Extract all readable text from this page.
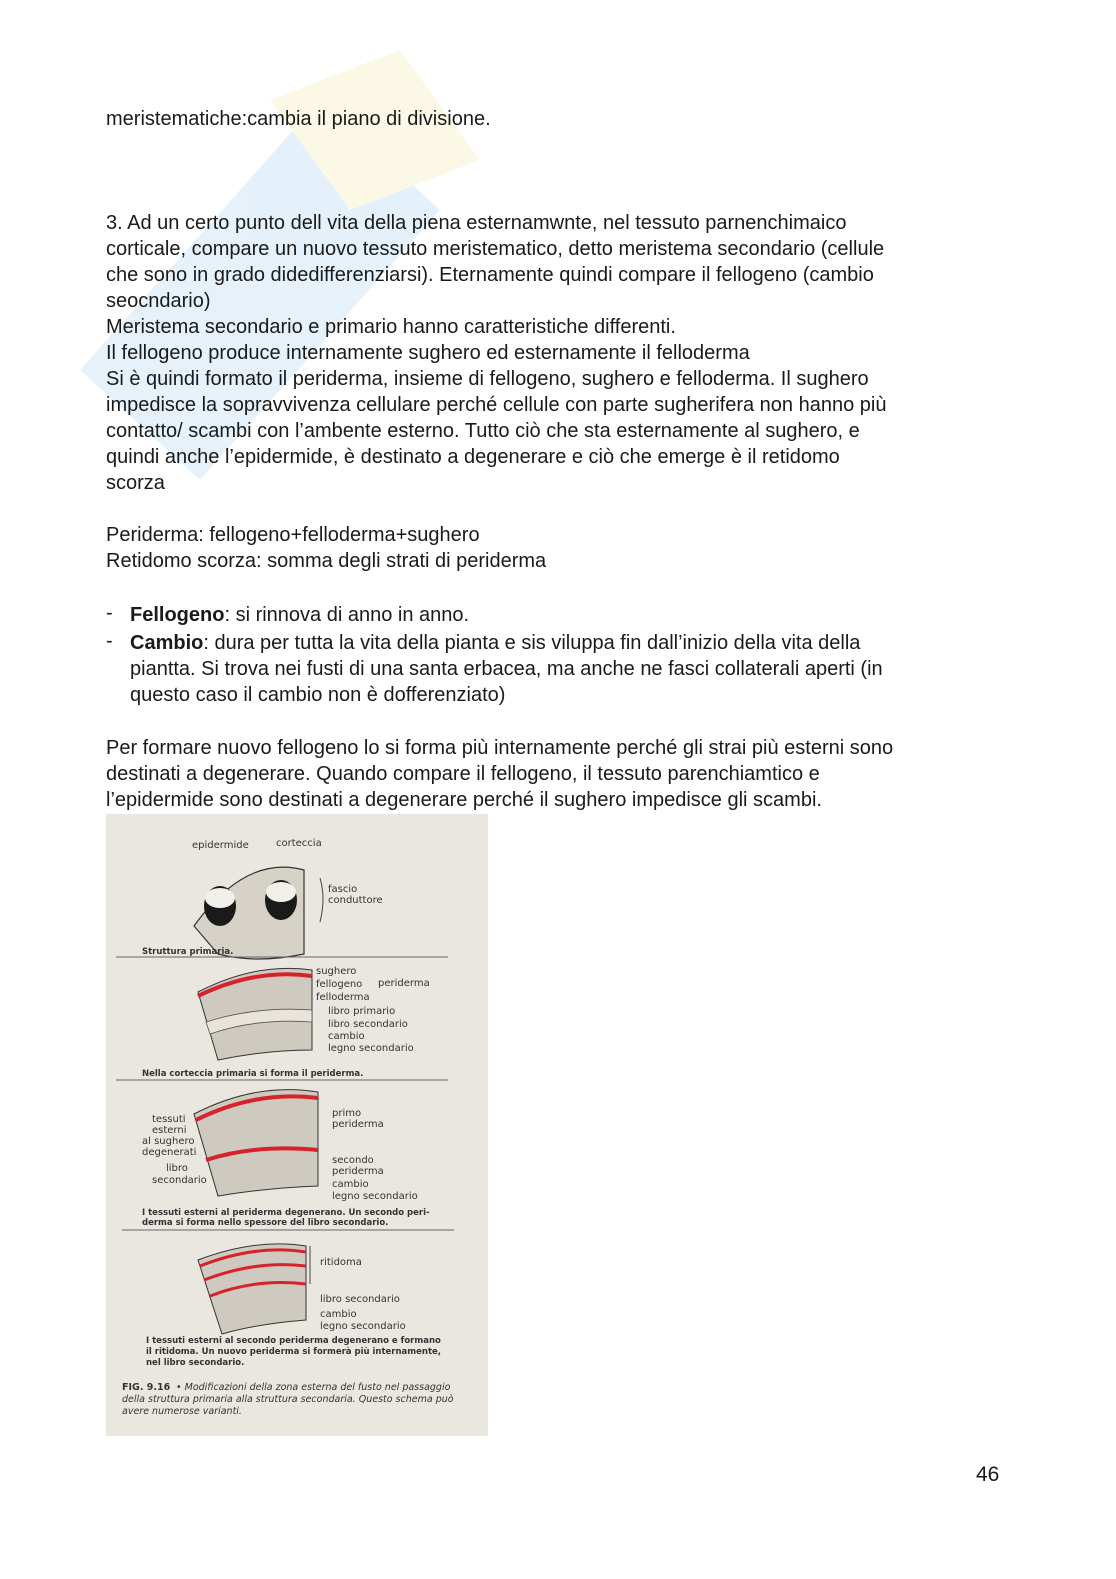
meristematiche:cambia il piano di divisione.

3. Ad un certo punto dell vita della piena esternamwnte, nel tessuto parnenchimaico

corticale, compare un nuovo tessuto meristematico, detto meristema secondario (cellule

che sono in grado didedifferenziarsi). Eternamente quindi compare il fellogeno (cambio

seocndario)

Meristema secondario e primario hanno caratteristiche differenti.

Il fellogeno produce internamente sughero ed esternamente il felloderma

Si è quindi formato il periderma, insieme di fellogeno, sughero e felloderma. Il sughero

impedisce la sopravvivenza cellulare perché cellule con parte sugherifera non hanno più

contatto/ scambi con l’ambente esterno. Tutto ciò che sta esternamente al sughero, e

quindi anche l’epidermide, è destinato a degenerare e ciò che emerge è il retidomo

scorza

Periderma: fellogeno+felloderma+sughero

Retidomo scorza: somma degli strati di periderma

- Fellogeno: si rinnova di anno in anno.
- Cambio: dura per tutta la vita della pianta e sis viluppa fin dall’inizio della vita della
piantta. Si trova nei fusti di una santa erbacea, ma anche ne fasci collaterali aperti (in
questo caso il cambio non è dofferenziato)

Per formare nuovo fellogeno lo si forma più internamente perché gli strai più esterni sono

destinati a degenerare. Quando compare il fellogeno, il tessuto parenchiamtico e

l’epidermide sono destinati a degenerare perché il sughero impedisce gli scambi.

epidermide	corteccia
fascio
conduttore
Struttura primaria.
sughero
fellogeno
felloderma
periderma
libro primario
libro secondario
cambio
legno secondario
Nella corteccia primaria si forma il periderma.
tessuti
esterni
al sughero
degenerati
libro
secondario
primo
periderma
secondo
periderma
cambio
legno secondario
I tessuti esterni al periderma degenerano. Un secondo peri-
derma si forma nello spessore del libro secondario.
ritidoma
libro secondario
cambio
legno secondario
I tessuti esterni al secondo periderma degenerano e formano
il ritidoma. Un nuovo periderma si formerà più internamente,
nel libro secondario.
FIG. 9.16 • Modificazioni della zona esterna del fusto nel passaggio
della struttura primaria alla struttura secondaria. Questo schema può
avere numerose varianti.
46
